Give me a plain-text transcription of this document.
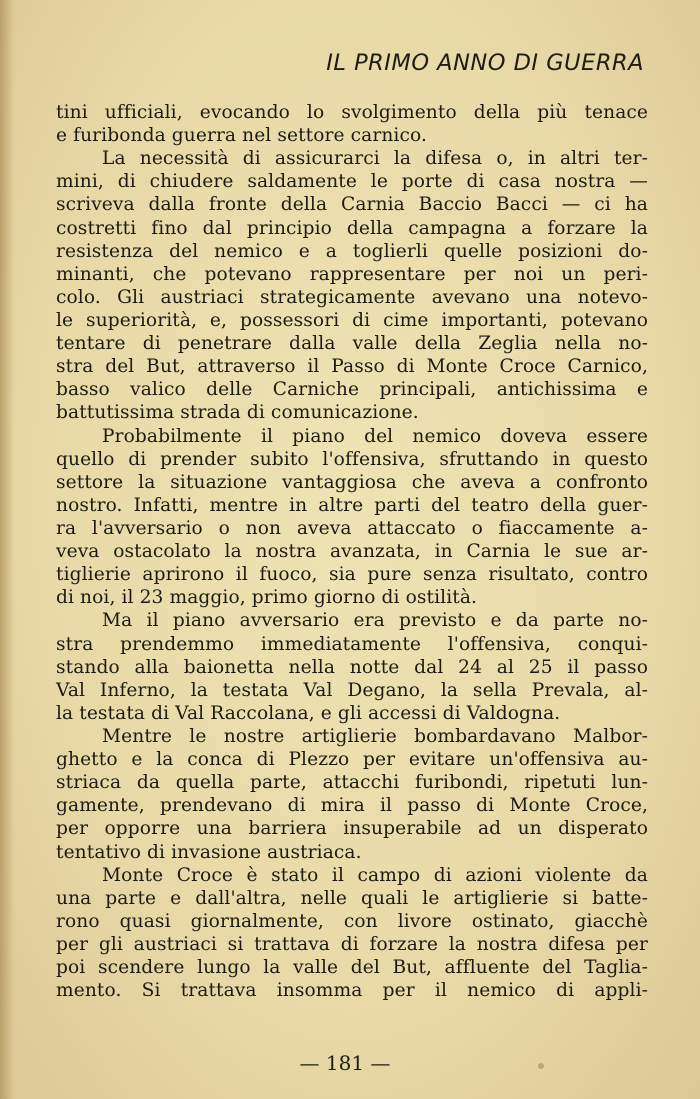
IL PRIMO ANNO DI GUERRA
tini ufficiali, evocando lo svolgimento della più tenace
e furibonda guerra nel settore carnico.
La necessità di assicurarci la difesa o, in altri ter-
mini, di chiudere saldamente le porte di casa nostra —
scriveva dalla fronte della Carnia Baccio Bacci — ci ha
costretti fino dal principio della campagna a forzare la
resistenza del nemico e a toglierli quelle posizioni do-
minanti, che potevano rappresentare per noi un peri-
colo. Gli austriaci strategicamente avevano una notevo-
le superiorità, e, possessori di cime importanti, potevano
tentare di penetrare dalla valle della Zeglia nella no-
stra del But, attraverso il Passo di Monte Croce Carnico,
basso valico delle Carniche principali, antichissima e
battutissima strada di comunicazione.
Probabilmente il piano del nemico doveva essere
quello di prender subito l'offensiva, sfruttando in questo
settore la situazione vantaggiosa che aveva a confronto
nostro. Infatti, mentre in altre parti del teatro della guer-
ra l'avversario o non aveva attaccato o fiaccamente a-
veva ostacolato la nostra avanzata, in Carnia le sue ar-
tiglierie aprirono il fuoco, sia pure senza risultato, contro
di noi, il 23 maggio, primo giorno di ostilità.
Ma il piano avversario era previsto e da parte no-
stra prendemmo immediatamente l'offensiva, conqui-
stando alla baionetta nella notte dal 24 al 25 il passo
Val Inferno, la testata Val Degano, la sella Prevala, al-
la testata di Val Raccolana, e gli accessi di Valdogna.
Mentre le nostre artiglierie bombardavano Malbor-
ghetto e la conca di Plezzo per evitare un'offensiva au-
striaca da quella parte, attacchi furibondi, ripetuti lun-
gamente, prendevano di mira il passo di Monte Croce,
per opporre una barriera insuperabile ad un disperato
tentativo di invasione austriaca.
Monte Croce è stato il campo di azioni violente da
una parte e dall'altra, nelle quali le artiglierie si batte-
rono quasi giornalmente, con livore ostinato, giacchè
per gli austriaci si trattava di forzare la nostra difesa per
poi scendere lungo la valle del But, affluente del Taglia-
mento. Si trattava insomma per il nemico di appli-
— 181 —
